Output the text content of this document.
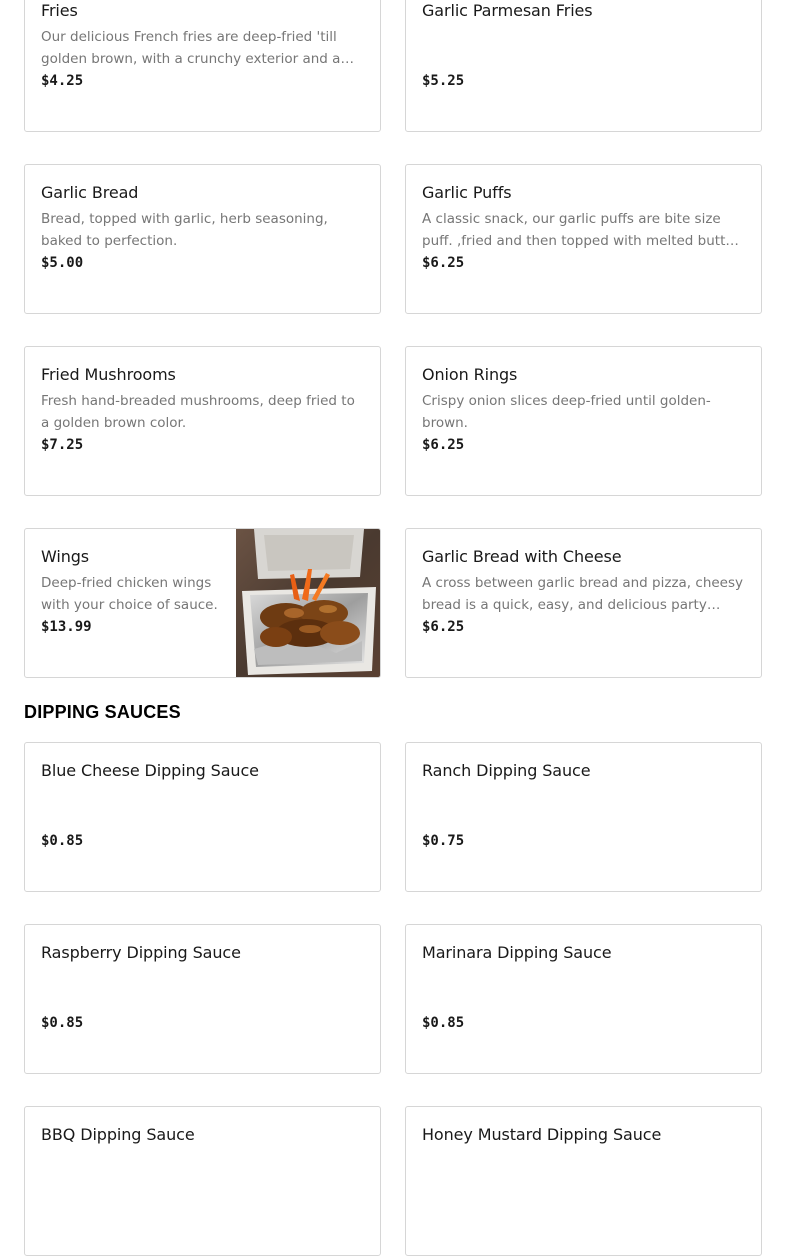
Fries
Our delicious French fries are deep-fried 'till golden brown, with a crunchy exterior and a
$4.25
Garlic Parmesan Fries
$5.25
Garlic Bread
Bread, topped with garlic, herb seasoning, baked to perfection.
$5.00
Garlic Puffs
A classic snack, our garlic puffs are bite size puff. ,fried and then topped with melted butter,
$6.25
Fried Mushrooms
Fresh hand-breaded mushrooms, deep fried to a golden brown color.
$7.25
Onion Rings
Crispy onion slices deep-fried until golden-brown.
$6.25
Wings
Deep-fried chicken wings with your choice of sauce.
$13.99
Garlic Bread with Cheese
A cross between garlic bread and pizza, cheesy bread is a quick, easy, and delicious party
$6.25
DIPPING SAUCES
Blue Cheese Dipping Sauce
$0.85
Ranch Dipping Sauce
$0.75
Raspberry Dipping Sauce
$0.85
Marinara Dipping Sauce
$0.85
BBQ Dipping Sauce	Honey Mustard Dipping Sauce
